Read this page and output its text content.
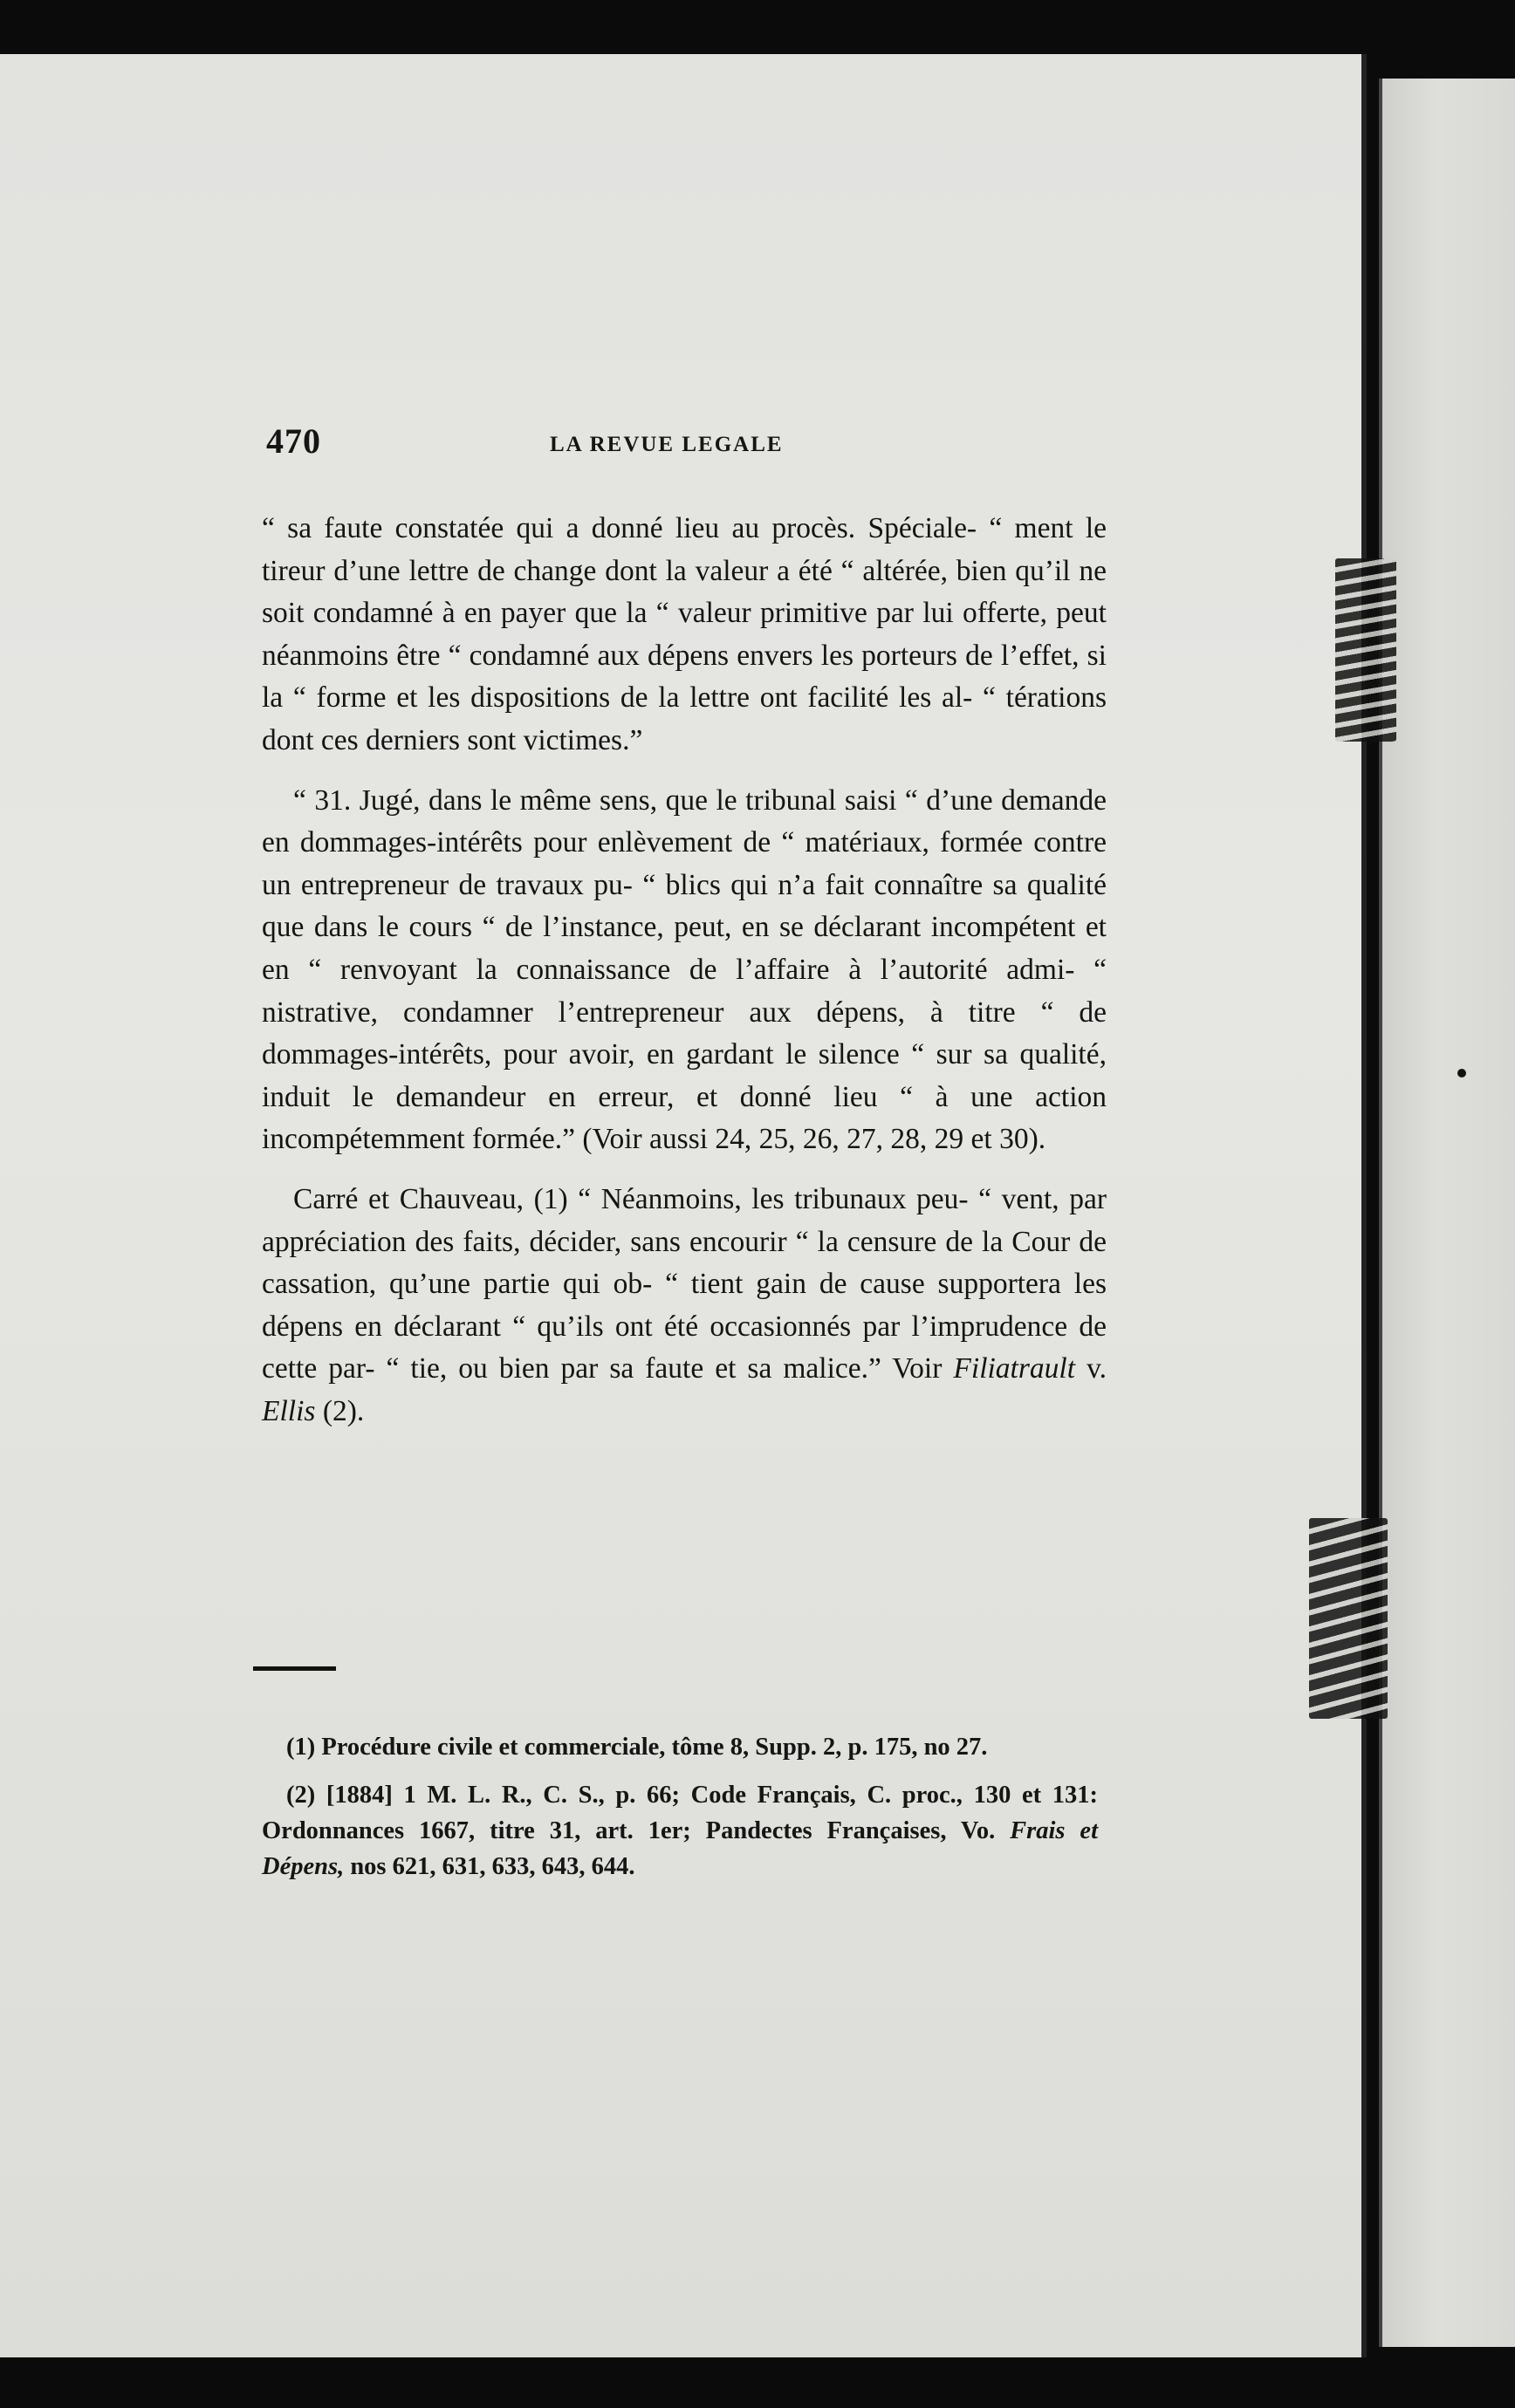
470	LA REVUE LEGALE

“ sa faute constatée qui a donné lieu au procès. Spéciale- “ ment le tireur d’une lettre de change dont la valeur a été “ altérée, bien qu’il ne soit condamné à en payer que la “ valeur primitive par lui offerte, peut néanmoins être “ condamné aux dépens envers les porteurs de l’effet, si la “ forme et les dispositions de la lettre ont facilité les al- “ térations dont ces derniers sont victimes.”

“ 31. Jugé, dans le même sens, que le tribunal saisi “ d’une demande en dommages-intérêts pour enlèvement de “ matériaux, formée contre un entrepreneur de travaux pu- “ blics qui n’a fait connaître sa qualité que dans le cours “ de l’instance, peut, en se déclarant incompétent et en “ renvoyant la connaissance de l’affaire à l’autorité admi- “ nistrative, condamner l’entrepreneur aux dépens, à titre “ de dommages-intérêts, pour avoir, en gardant le silence “ sur sa qualité, induit le demandeur en erreur, et donné lieu “ à une action incompétemment formée.” (Voir aussi 24, 25, 26, 27, 28, 29 et 30).

Carré et Chauveau, (1) “ Néanmoins, les tribunaux peu- “ vent, par appréciation des faits, décider, sans encourir “ la censure de la Cour de cassation, qu’une partie qui ob- “ tient gain de cause supportera les dépens en déclarant “ qu’ils ont été occasionnés par l’imprudence de cette par- “ tie, ou bien par sa faute et sa malice.” Voir Filiatrault v. Ellis (2).

(1) Procédure civile et commerciale, tôme 8, Supp. 2, p. 175, no 27.

(2) [1884] 1 M. L. R., C. S., p. 66; Code Français, C. proc., 130 et 131: Ordonnances 1667, titre 31, art. 1er; Pandectes Françaises, Vo. Frais et Dépens, nos 621, 631, 633, 643, 644.
